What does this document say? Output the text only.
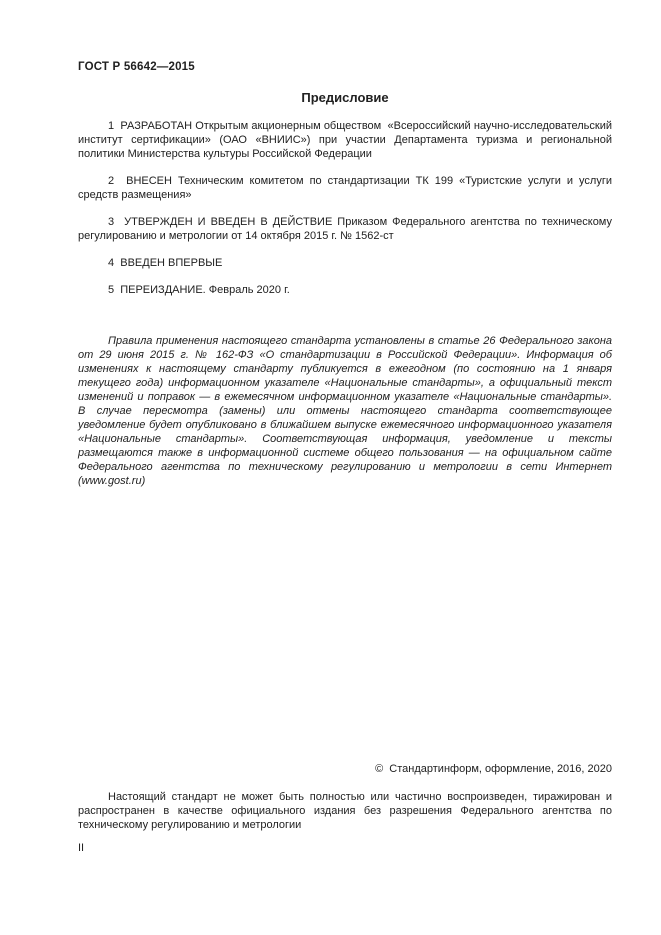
ГОСТ Р 56642—2015
Предисловие

1  РАЗРАБОТАН Открытым акционерным обществом  «Всероссийский научно-исследовательский институт сертификации» (ОАО «ВНИИС») при участии Департамента туризма и региональной политики Министерства культуры Российской Федерации

2  ВНЕСЕН Техническим комитетом по стандартизации ТК 199 «Туристские услуги и услуги средств размещения»

3  УТВЕРЖДЕН И ВВЕДЕН В ДЕЙСТВИЕ Приказом Федерального агентства по техническому регулированию и метрологии от 14 октября 2015 г. № 1562-ст

4  ВВЕДЕН ВПЕРВЫЕ

5  ПЕРЕИЗДАНИЕ. Февраль 2020 г.

Правила применения настоящего стандарта установлены в статье 26 Федерального закона от 29 июня 2015 г. № 162-ФЗ «О стандартизации в Российской Федерации». Информация об изменениях к настоящему стандарту публикуется в ежегодном (по состоянию на 1 января текущего года) информационном указателе «Национальные стандарты», а официальный текст изменений и поправок — в ежемесячном информационном указателе «Национальные стандарты». В случае пересмотра (замены) или отмены настоящего стандарта соответствующее уведомление будет опубликовано в ближайшем выпуске ежемесячного информационного указателя «Национальные стандарты». Соответствующая информация, уведомление и тексты размещаются также в информационной системе общего пользования — на официальном сайте Федерального агентства по техническому регулированию и метрологии в сети Интернет (www.gost.ru)
©  Стандартинформ, оформление, 2016, 2020
Настоящий стандарт не может быть полностью или частично воспроизведен, тиражирован и распространен в качестве официального издания без разрешения Федерального агентства по техническому регулированию и метрологии
II
